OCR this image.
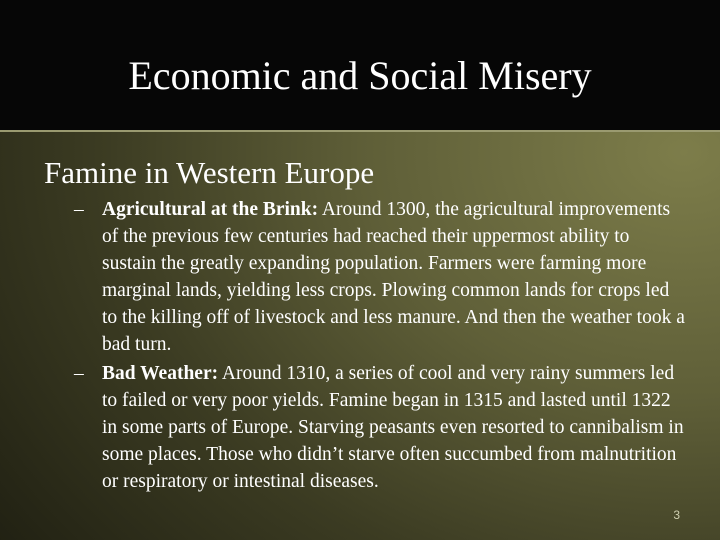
Economic and Social Misery
Famine in Western Europe
– Agricultural at the Brink: Around 1300, the agricultural improvements of the previous few centuries had reached their uppermost ability to sustain the greatly expanding population. Farmers were farming more marginal lands, yielding less crops. Plowing common lands for crops led to the killing off of livestock and less manure. And then the weather took a bad turn.
– Bad Weather: Around 1310, a series of cool and very rainy summers led to failed or very poor yields. Famine began in 1315 and lasted until 1322 in some parts of Europe. Starving peasants even resorted to cannibalism in some places. Those who didn’t starve often succumbed from malnutrition or respiratory or intestinal diseases.
3
